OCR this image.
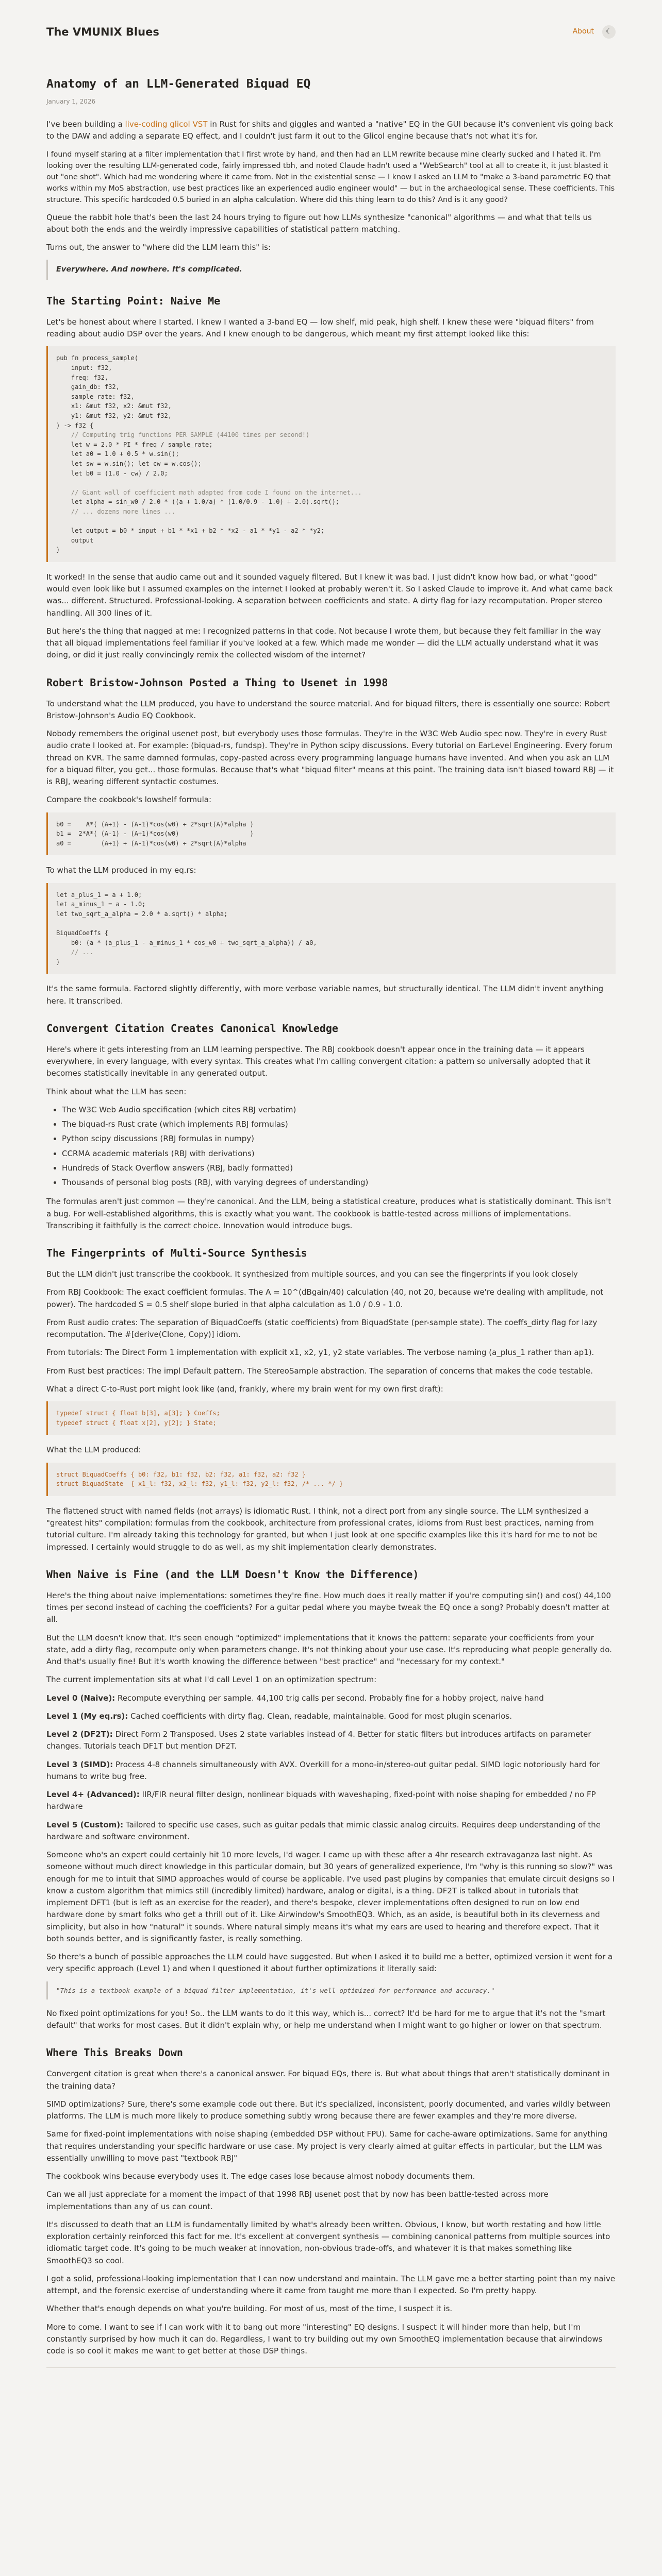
The VMUNIX Blues	About	☾
Anatomy of an LLM-Generated Biquad EQ
January 1, 2026

I've been building a live-coding glicol VST in Rust for shits and giggles and wanted a "native" EQ in the GUI because it's convenient vis going back to the DAW and adding a separate EQ effect, and I couldn't just farm it out to the Glicol engine because that's not what it's for.

I found myself staring at a filter implementation that I first wrote by hand, and then had an LLM rewrite because mine clearly sucked and I hated it. I'm looking over the resulting LLM-generated code, fairly impressed tbh, and noted Claude hadn't used a "WebSearch" tool at all to create it, it just blasted it out "one shot". Which had me wondering where it came from. Not in the existential sense — I know I asked an LLM to "make a 3-band parametric EQ that works within my MoS abstraction, use best practices like an experienced audio engineer would" — but in the archaeological sense. These coefficients. This structure. This specific hardcoded 0.5 buried in an alpha calculation. Where did this thing learn to do this? And is it any good?

Queue the rabbit hole that's been the last 24 hours trying to figure out how LLMs synthesize "canonical" algorithms — and what that tells us about both the ends and the weirdly impressive capabilities of statistical pattern matching.

Turns out, the answer to "where did the LLM learn this" is:

Everywhere. And nowhere. It's complicated.
The Starting Point: Naive Me

Let's be honest about where I started. I knew I wanted a 3-band EQ — low shelf, mid peak, high shelf. I knew these were "biquad filters" from reading about audio DSP over the years. And I knew enough to be dangerous, which meant my first attempt looked like this:

pub fn process_sample(
input: f32,
freq: f32,
gain_db: f32,
sample_rate: f32,
x1: &mut f32, x2: &mut f32,
y1: &mut f32, y2: &mut f32,
) -> f32 {
// Computing trig functions PER SAMPLE (44100 times per second!)
let w = 2.0 * PI * freq / sample_rate;
let a0 = 1.0 + 0.5 * w.sin();
let sw = w.sin(); let cw = w.cos();
let b0 = (1.0 - cw) / 2.0;

// Giant wall of coefficient math adapted from code I found on the internet...
let alpha = sin_w0 / 2.0 * ((a + 1.0/a) * (1.0/0.9 - 1.0) + 2.0).sqrt();
// ... dozens more lines ...

let output = b0 * input + b1 * *x1 + b2 * *x2 - a1 * *y1 - a2 * *y2;
output
}

It worked! In the sense that audio came out and it sounded vaguely filtered. But I knew it was bad. I just didn't know how bad, or what "good" would even look like but I assumed examples on the internet I looked at probably weren't it. So I asked Claude to improve it. And what came back was... different. Structured. Professional-looking. A separation between coefficients and state. A dirty flag for lazy recomputation. Proper stereo handling. All 300 lines of it.

But here's the thing that nagged at me: I recognized patterns in that code. Not because I wrote them, but because they felt familiar in the way that all biquad implementations feel familiar if you've looked at a few. Which made me wonder — did the LLM actually understand what it was doing, or did it just really convincingly remix the collected wisdom of the internet?

Robert Bristow-Johnson Posted a Thing to Usenet in 1998

To understand what the LLM produced, you have to understand the source material. And for biquad filters, there is essentially one source: Robert Bristow-Johnson's Audio EQ Cookbook.

Nobody remembers the original usenet post, but everybody uses those formulas. They're in the W3C Web Audio spec now. They're in every Rust audio crate I looked at. For example: (biquad-rs, fundsp). They're in Python scipy discussions. Every tutorial on EarLevel Engineering. Every forum thread on KVR. The same damned formulas, copy-pasted across every programming language humans have invented. And when you ask an LLM for a biquad filter, you get... those formulas. Because that's what "biquad filter" means at this point. The training data isn't biased toward RBJ — it is RBJ, wearing different syntactic costumes.

Compare the cookbook's lowshelf formula:

b0 =    A*( (A+1) - (A-1)*cos(w0) + 2*sqrt(A)*alpha )
b1 =  2*A*( (A-1) - (A+1)*cos(w0)                   )
a0 =        (A+1) + (A-1)*cos(w0) + 2*sqrt(A)*alpha

To what the LLM produced in my eq.rs:

let a_plus_1 = a + 1.0;
let a_minus_1 = a - 1.0;
let two_sqrt_a_alpha = 2.0 * a.sqrt() * alpha;

BiquadCoeffs {
b0: (a * (a_plus_1 - a_minus_1 * cos_w0 + two_sqrt_a_alpha)) / a0,
// ...
}

It's the same formula. Factored slightly differently, with more verbose variable names, but structurally identical. The LLM didn't invent anything here. It transcribed.

Convergent Citation Creates Canonical Knowledge

Here's where it gets interesting from an LLM learning perspective. The RBJ cookbook doesn't appear once in the training data — it appears everywhere, in every language, with every syntax. This creates what I'm calling convergent citation: a pattern so universally adopted that it becomes statistically inevitable in any generated output.

Think about what the LLM has seen:

• The W3C Web Audio specification (which cites RBJ verbatim)
• The biquad-rs Rust crate (which implements RBJ formulas)
• Python scipy discussions (RBJ formulas in numpy)
• CCRMA academic materials (RBJ with derivations)
• Hundreds of Stack Overflow answers (RBJ, badly formatted)
• Thousands of personal blog posts (RBJ, with varying degrees of understanding)

The formulas aren't just common — they're canonical. And the LLM, being a statistical creature, produces what is statistically dominant. This isn't a bug. For well-established algorithms, this is exactly what you want. The cookbook is battle-tested across millions of implementations. Transcribing it faithfully is the correct choice. Innovation would introduce bugs.

The Fingerprints of Multi-Source Synthesis

But the LLM didn't just transcribe the cookbook. It synthesized from multiple sources, and you can see the fingerprints if you look closely

From RBJ Cookbook: The exact coefficient formulas. The A = 10^(dBgain/40) calculation (40, not 20, because we're dealing with amplitude, not power). The hardcoded S = 0.5 shelf slope buried in that alpha calculation as 1.0 / 0.9 - 1.0.

From Rust audio crates: The separation of BiquadCoeffs (static coefficients) from BiquadState (per-sample state). The coeffs_dirty flag for lazy recomputation. The #[derive(Clone, Copy)] idiom.

From tutorials: The Direct Form 1 implementation with explicit x1, x2, y1, y2 state variables. The verbose naming (a_plus_1 rather than ap1).

From Rust best practices: The impl Default pattern. The StereoSample abstraction. The separation of concerns that makes the code testable.

What a direct C-to-Rust port might look like (and, frankly, where my brain went for my own first draft):

typedef struct { float b[3], a[3]; } Coeffs;
typedef struct { float x[2], y[2]; } State;

What the LLM produced:

struct BiquadCoeffs { b0: f32, b1: f32, b2: f32, a1: f32, a2: f32 }
struct BiquadState  { x1_l: f32, x2_l: f32, y1_l: f32, y2_l: f32, /* ... */ }

The flattened struct with named fields (not arrays) is idiomatic Rust. I think, not a direct port from any single source. The LLM synthesized a "greatest hits" compilation: formulas from the cookbook, architecture from professional crates, idioms from Rust best practices, naming from tutorial culture. I'm already taking this technology for granted, but when I just look at one specific examples like this it's hard for me to not be impressed. I certainly would struggle to do as well, as my shit implementation clearly demonstrates.

When Naive is Fine (and the LLM Doesn't Know the Difference)

Here's the thing about naive implementations: sometimes they're fine. How much does it really matter if you're computing sin() and cos() 44,100 times per second instead of caching the coefficients? For a guitar pedal where you maybe tweak the EQ once a song? Probably doesn't matter at all.

But the LLM doesn't know that. It's seen enough "optimized" implementations that it knows the pattern: separate your coefficients from your state, add a dirty flag, recompute only when parameters change. It's not thinking about your use case. It's reproducing what people generally do. And that's usually fine! But it's worth knowing the difference between "best practice" and "necessary for my context."

The current implementation sits at what I'd call Level 1 on an optimization spectrum:

Level 0 (Naive): Recompute everything per sample. 44,100 trig calls per second. Probably fine for a hobby project, naive hand

Level 1 (My eq.rs): Cached coefficients with dirty flag. Clean, readable, maintainable. Good for most plugin scenarios.

Level 2 (DF2T): Direct Form 2 Transposed. Uses 2 state variables instead of 4. Better for static filters but introduces artifacts on parameter changes. Tutorials teach DF1T but mention DF2T.

Level 3 (SIMD): Process 4-8 channels simultaneously with AVX. Overkill for a mono-in/stereo-out guitar pedal. SIMD logic notoriously hard for humans to write bug free.

Level 4+ (Advanced): IIR/FIR neural filter design, nonlinear biquads with waveshaping, fixed-point with noise shaping for embedded / no FP hardware

Level 5 (Custom): Tailored to specific use cases, such as guitar pedals that mimic classic analog circuits. Requires deep understanding of the hardware and software environment.

Someone who's an expert could certainly hit 10 more levels, I'd wager. I came up with these after a 4hr research extravaganza last night. As someone without much direct knowledge in this particular domain, but 30 years of generalized experience, I'm "why is this running so slow?" was enough for me to intuit that SIMD approaches would of course be applicable. I've used past plugins by companies that emulate circuit designs so I know a custom algorithm that mimics still (incredibly limited) hardware, analog or digital, is a thing. DF2T is talked about in tutorials that implement DFT1 (but is left as an exercise for the reader), and there's bespoke, clever implementations often designed to run on low end hardware done by smart folks who get a thrill out of it. Like Airwindow's SmoothEQ3. Which, as an aside, is beautiful both in its cleverness and simplicity, but also in how "natural" it sounds. Where natural simply means it's what my ears are used to hearing and therefore expect. That it both sounds better, and is significantly faster, is really something.

So there's a bunch of possible approaches the LLM could have suggested. But when I asked it to build me a better, optimized version it went for a very specific approach (Level 1) and when I questioned it about further optimizations it literally said:

"This is a textbook example of a biquad filter implementation, it's well optimized for performance and accuracy."

No fixed point optimizations for you! So.. the LLM wants to do it this way, which is... correct? It'd be hard for me to argue that it's not the "smart default" that works for most cases. But it didn't explain why, or help me understand when I might want to go higher or lower on that spectrum.

Where This Breaks Down

Convergent citation is great when there's a canonical answer. For biquad EQs, there is. But what about things that aren't statistically dominant in the training data?

SIMD optimizations? Sure, there's some example code out there. But it's specialized, inconsistent, poorly documented, and varies wildly between platforms. The LLM is much more likely to produce something subtly wrong because there are fewer examples and they're more diverse.

Same for fixed-point implementations with noise shaping (embedded DSP without FPU). Same for cache-aware optimizations. Same for anything that requires understanding your specific hardware or use case. My project is very clearly aimed at guitar effects in particular, but the LLM was essentially unwilling to move past "textbook RBJ"

The cookbook wins because everybody uses it. The edge cases lose because almost nobody documents them.

Can we all just appreciate for a moment the impact of that 1998 RBJ usenet post that by now has been battle-tested across more implementations than any of us can count.

It's discussed to death that an LLM is fundamentally limited by what's already been written. Obvious, I know, but worth restating and how little exploration certainly reinforced this fact for me. It's excellent at convergent synthesis — combining canonical patterns from multiple sources into idiomatic target code. It's going to be much weaker at innovation, non-obvious trade-offs, and whatever it is that makes something like SmoothEQ3 so cool.

I got a solid, professional-looking implementation that I can now understand and maintain. The LLM gave me a better starting point than my naive attempt, and the forensic exercise of understanding where it came from taught me more than I expected. So I'm pretty happy.

Whether that's enough depends on what you're building. For most of us, most of the time, I suspect it is.

More to come. I want to see if I can work with it to bang out more "interesting" EQ designs. I suspect it will hinder more than help, but I'm constantly surprised by how much it can do. Regardless, I want to try building out my own SmoothEQ implementation because that airwindows code is so cool it makes me want to get better at those DSP things.
